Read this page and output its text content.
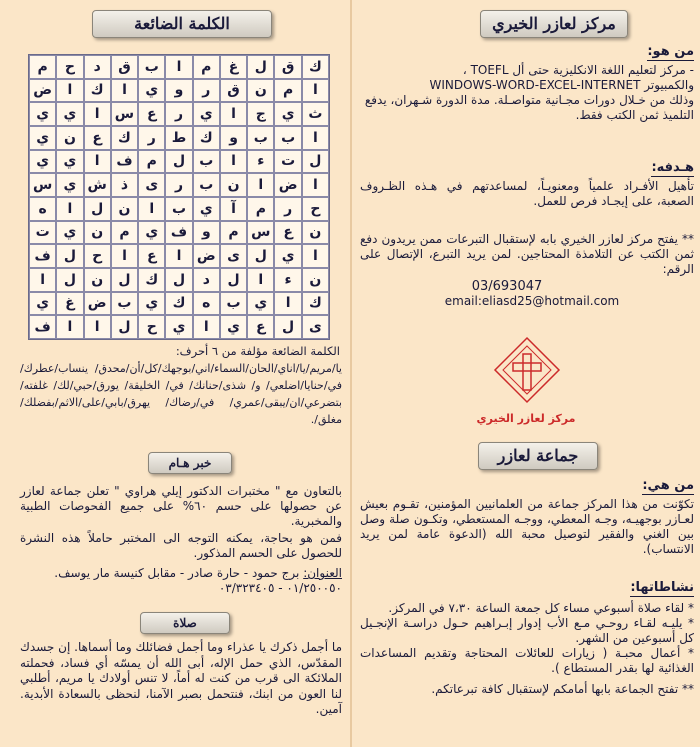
الكلمة الضائعة
ك
ق
ل
غ
م
ا
ب
ق
د
ح
م
ا
م
ن
ق
ر
و
ي
ا
ك
ا
ض
ث
ي
ج
ا
ي
ر
ع
س
ا
ي
ي
ا
ب
ب
و
ك
ط
ر
ك
ع
ن
ي
ل
ت
ء
ا
ب
ل
م
ف
ا
ي
ي
ا
ض
ا
ن
ب
ر
ى
ذ
ش
ي
س
ح
ر
م
آ
ي
ب
ا
ن
ل
ا
ه
ن
ع
س
م
و
ف
ي
م
ن
ي
ت
ا
ي
ل
ى
ض
ا
ع
ا
ح
ل
ف
ن
ء
ا
ل
د
ل
ك
ل
ن
ل
ا
ك
ا
ي
ب
ه
ك
ي
ب
ض
غ
ي
ى
ل
ع
ي
ا
ي
ح
ل
ا
ا
ف
الكلمة الضائعة مؤلفة من ٦ أحرف:
يا/مريم/يا/اناي/الحان/السماء/اني/بوجهك/كل/أن/محدق/ ينساب/عطرك/ في/حنايا/اضلعي/ و/ شذى/حنانك/ في/ الخليقة/ يورق/حبي/لك/ غلفته/بتضرعي/ان/يبقى/عمري/ في/رضاك/ يهرق/بابي/على/الاثم/بفضلك/مغلق/.
خبر هـام
بالتعاون مع " مختبرات الدكتور إيلي هراوي " تعلن جماعة لعازر عن حصولها على حسم ٦٠% على جميع الفحوصات الطبية والمخبرية.
فمن هو بحاجة، يمكنه التوجه الى المختبر حاملاً هذه النشرة للحصول على الحسم المذكور.
العنوان: برج حمود - حارة صادر - مقابل كنيسة مار يوسف. ٠١/٢٥٠٠٥٠ - ٠٣/٣٢٣٤٠٥
صلاة
ما أجمل ذكرك يا عذراء وما أجمل فضائلك وما أسماها. إن جسدك المقدّس، الذي حمل الإله، أبى الله أن يمسّه أي فساد، فحملته الملائكة الى قرب من كنت له أماً، لا تنس أولادك يا مريم، أطلبي لنا العون من ابنك، فنتحمل بصبر الآمنا، لنحظى بالسعادة الأبدية. آمين.
مركز لعازر الخيري
من هو:
- مركز لتعليم اللغة الانكليزية حتى أل TOEFL ،
والكمبيوتر WINDOWS-WORD-EXCEL-INTERNET
وذلك من خـلال دورات مجـانية متواصـلة. مدة الدورة شـهران، يدفع التلميذ ثمن الكتب فقط.
هـدفه:
تأهيل الأفـراد علمياً ومعنويـاً، لمساعدتهم في هـذه الظـروف الصعبة، على إيجـاد فرص للعمل.
** يفتح مركز لعازر الخيري بابه لإستقبال التبرعات ممن يريدون دفع ثمن الكتب عن التلامذة المحتاجين. لمن يريد التبرع، الإتصال على الرقم:
03/693047
email:eliasd25@hotmail.com
مركز لعازر الخيري
جماعة لعازر
من هي:
تكوّنت من هذا المركز جماعة من العلمانيين المؤمنين، تقـوم بعيش لعـازر بوجهيـه، وجـه المعطي، ووجـه المستعطي، وتكـون صلة وصل بين الغني والفقير لتوصيل محبة الله (الدعوة عامة لمن يريد الانتساب).
نشاطاتها:
* لقاء صلاة أسبوعي مساء كل جمعة الساعة ٧،٣٠ في المركز.
* يليـه لقـاء روحـي مـع الأب إدوار إبـراهيم حـول دراسـة الإنجـيل كل أسبوعين من الشهر.
* أعمال محبـة ( زيارات للعائلات المحتاجة وتقديم المساعدات الغذائية لها بقدر المستطاع ).
** تفتح الجماعة بابها أمامكم لإستقبال كافة تبرعاتكم.
